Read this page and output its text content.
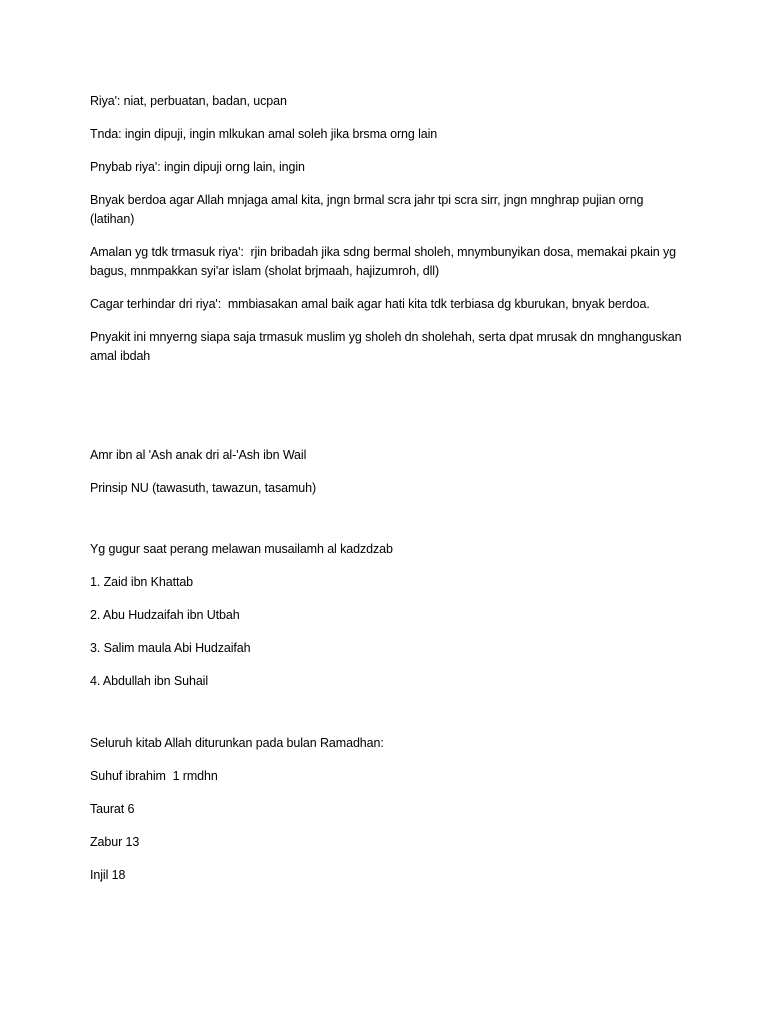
Riya': niat, perbuatan, badan, ucpan

Tnda: ingin dipuji, ingin mlkukan amal soleh jika brsma orng lain

Pnybab riya': ingin dipuji orng lain, ingin

Bnyak berdoa agar Allah mnjaga amal kita, jngn brmal scra jahr tpi scra sirr, jngn mnghrap pujian orng (latihan)

Amalan yg tdk trmasuk riya':  rjin bribadah jika sdng bermal sholeh, mnymbunyikan dosa, memakai pkain yg bagus, mnmpakkan syi'ar islam (sholat brjmaah, hajizumroh, dll)

Cagar terhindar dri riya':  mmbiasakan amal baik agar hati kita tdk terbiasa dg kburukan, bnyak berdoa.

Pnyakit ini mnyerng siapa saja trmasuk muslim yg sholeh dn sholehah, serta dpat mrusak dn mnghanguskan amal ibdah

Amr ibn al 'Ash anak dri al-'Ash ibn Wail

Prinsip NU (tawasuth, tawazun, tasamuh)

Yg gugur saat perang melawan musailamh al kadzdzab

1. Zaid ibn Khattab

2. Abu Hudzaifah ibn Utbah

3. Salim maula Abi Hudzaifah

4. Abdullah ibn Suhail

Seluruh kitab Allah diturunkan pada bulan Ramadhan:

Suhuf ibrahim  1 rmdhn

Taurat 6

Zabur 13

Injil 18
